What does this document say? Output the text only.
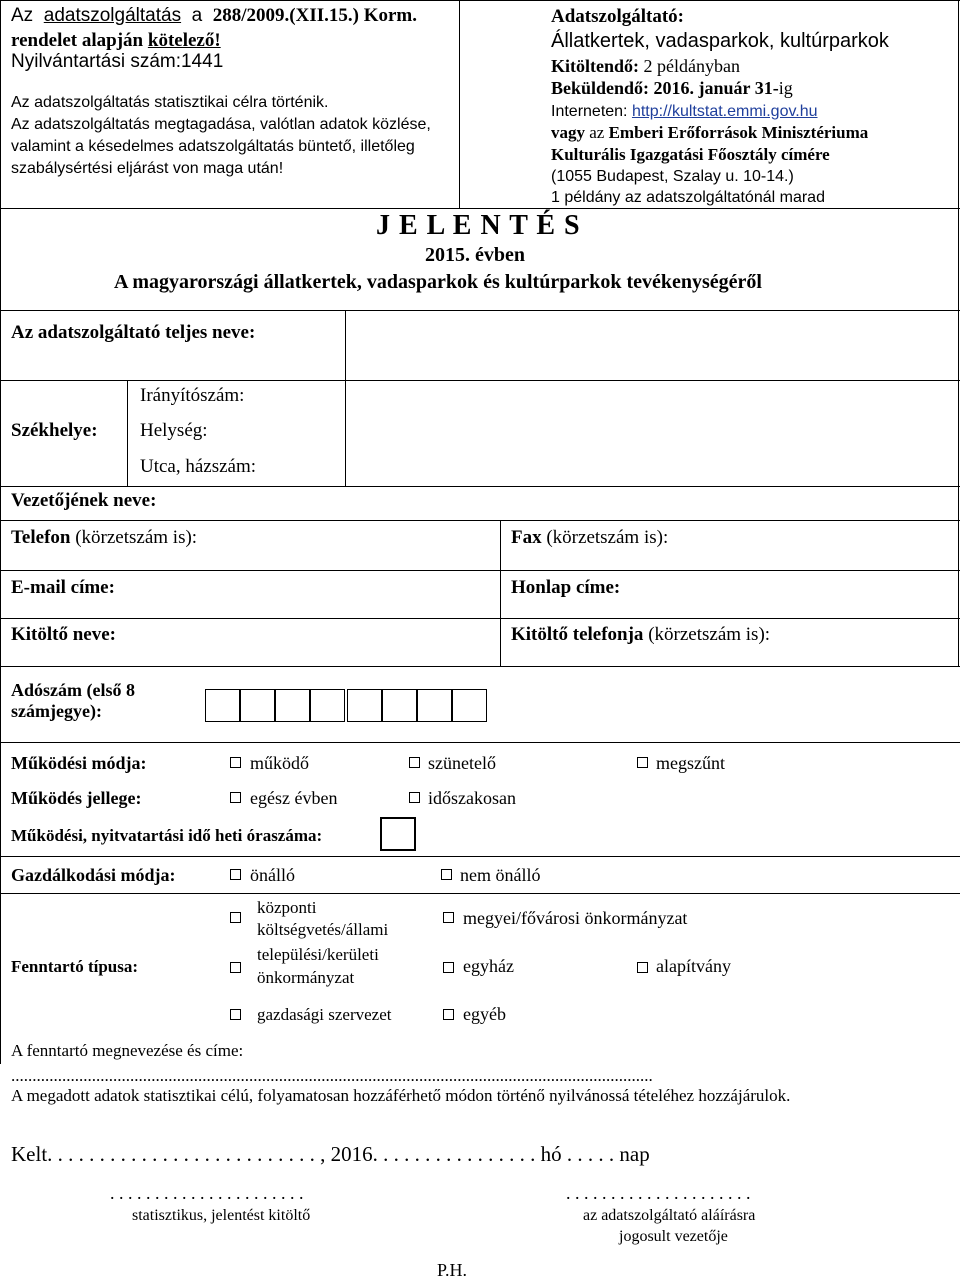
Az adatszolgáltatás a 288/2009.(XII.15.) Korm.
rendelet alapján kötelező!
Nyilvántartási szám:1441
Az adatszolgáltatás statisztikai célra történik.
Az adatszolgáltatás megtagadása, valótlan adatok közlése,
valamint a késedelmes adatszolgáltatás büntető, illetőleg
szabálysértési eljárást von maga után!
Adatszolgáltató:
Állatkertek, vadasparkok, kultúrparkok
Kitöltendő: 2 példányban
Beküldendő: 2016. január 31-ig
Interneten: http://kultstat.emmi.gov.hu
vagy az Emberi Erőforrások Minisztériuma
Kulturális Igazgatási Főosztály címére
(1055 Budapest, Szalay u. 10-14.)
1 példány az adatszolgáltatónál marad
J E L E N T É S
2015. évben
A magyarországi állatkertek, vadasparkok és kultúrparkok tevékenységéről
Az adatszolgáltató teljes neve:
Székhelye:
Irányítószám:
Helység:
Utca, házszám:
Vezetőjének neve:
Telefon (körzetszám is):	Fax (körzetszám is):
E-mail címe:	Honlap címe:
Kitöltő neve:	Kitöltő telefonja (körzetszám is):
Adószám (első 8
számjegye):
Működési módja:	működő	szünetelő	megszűnt
Működés jellege:	egész évben	időszakosan
Működési, nyitvatartási idő heti óraszáma:
Gazdálkodási módja:	önálló	nem önálló
Fenntartó típusa:
központi
költségvetés/állami
megyei/fővárosi önkormányzat
települési/kerületi
önkormányzat
egyház	alapítvány
gazdasági szervezet	egyéb
A fenntartó megnevezése és címe:
.......................................................................................................................................................
A megadott adatok statisztikai célú, folyamatosan hozzáférhető módon történő nyilvánossá tételéhez hozzájárulok.
Kelt. . . . . . . . . . . . . . . . . . . . . . . . . . , 2016. . . . . . . . . . . . . . . . hó . . . . . nap
. . . . . . . . . . . . . . . . . . . . . .	. . . . . . . . . . . . . . . . . . . . .
statisztikus, jelentést kitöltő	az adatszolgáltató aláírásra
jogosult vezetője
P.H.
